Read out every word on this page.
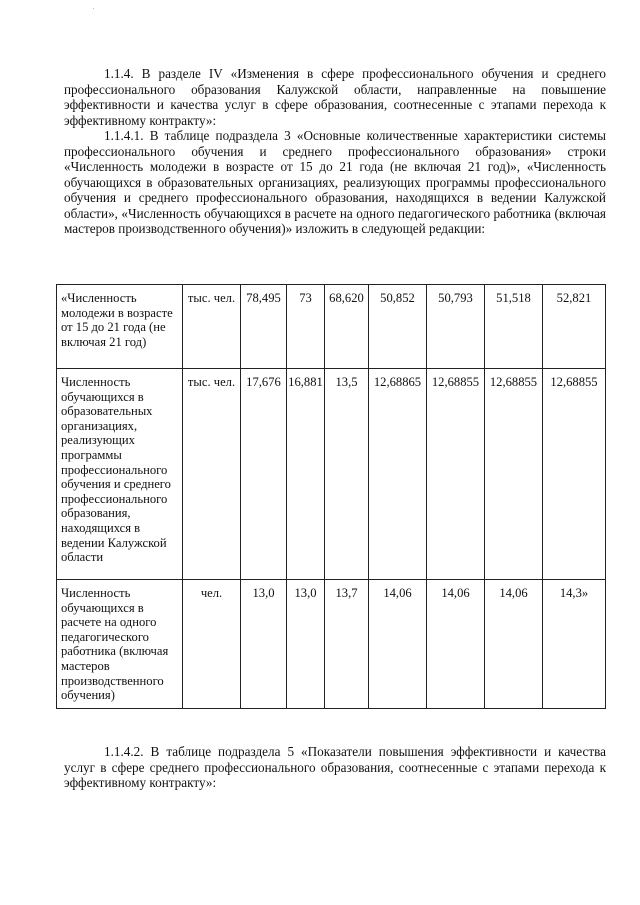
1.1.4. В разделе IV «Изменения в сфере профессионального обучения и среднего профессионального образования Калужской области, направленные на повышение эффективности и качества услуг в сфере образования, соотнесенные с этапами перехода к эффективному контракту»:

1.1.4.1. В таблице подраздела 3 «Основные количественные характеристики системы профессионального обучения и среднего профессионального образования» строки «Численность молодежи в возрасте от 15 до 21 года (не включая 21 год)», «Численность обучающихся в образовательных организациях, реализующих программы профессионального обучения и среднего профессионального образования, находящихся в ведении Калужской области», «Численность обучающихся в расчете на одного педагогического работника (включая мастеров производственного обучения)» изложить в следующей редакции:

«Численность молодежи в возрасте от 15 до 21 года (не включая 21 год)	тыс. чел.	78,495	73	68,620	50,852	50,793	51,518	52,821
Численность обучающихся в образовательных организациях, реализующих программы профессионального обучения и среднего профессионального образования, находящихся в ведении Калужской области	тыс. чел.	17,676	16,881	13,5	12,68865	12,68855	12,68855	12,68855
Численность обучающихся в расчете на одного педагогического работника (включая мастеров производственного обучения)	чел.	13,0	13,0	13,7	14,06	14,06	14,06	14,3»

1.1.4.2. В таблице подраздела 5 «Показатели повышения эффективности и качества услуг в сфере среднего профессионального образования, соотнесенные с этапами перехода к эффективному контракту»:
